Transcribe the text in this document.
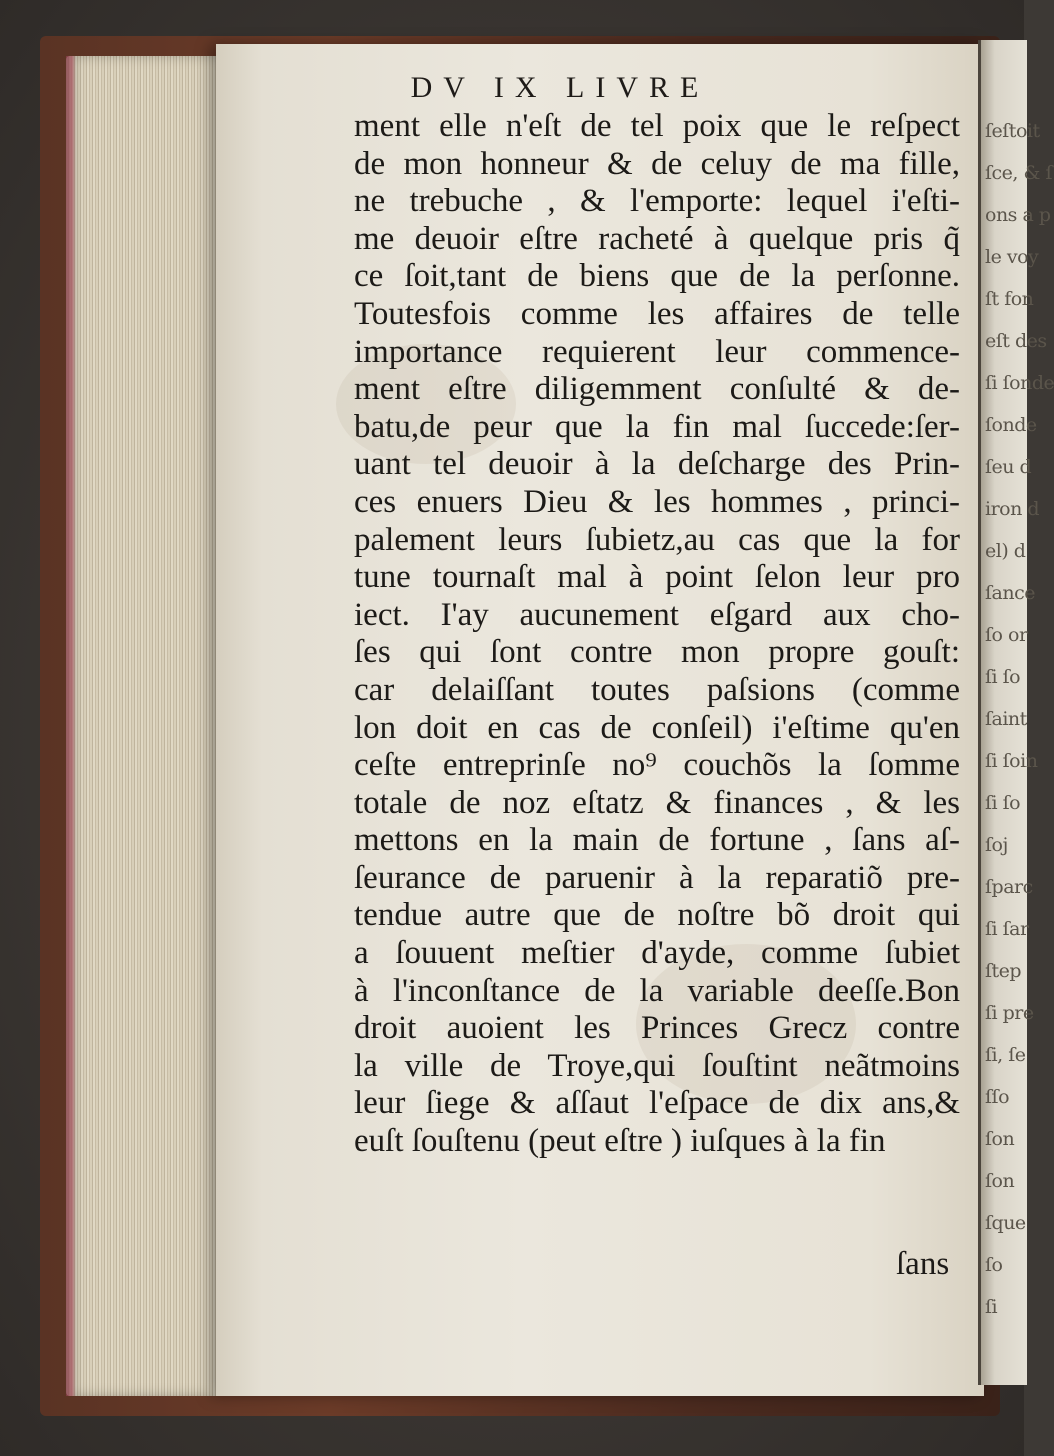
DV IX LIVRE
ment elle n'eſt de tel poix que le reſpect
de mon honneur & de celuy de ma fille,
ne trebuche , & l'emporte: lequel i'eſti-
me deuoir eſtre racheté à quelque pris q̃
ce ſoit,tant de biens que de la perſonne.
Toutesfois comme les affaires de telle
importance requierent leur commence-
ment eſtre diligemment conſulté & de-
batu,de peur que la fin mal ſuccede:ſer-
uant tel deuoir à la deſcharge des Prin-
ces enuers Dieu & les hommes , princi-
palement leurs ſubietz,au cas que la for
tune tournaſt mal à point ſelon leur pro
iect. I'ay aucunement eſgard aux cho-
ſes qui ſont contre mon propre gouſt:
car delaiſſant toutes paſsions (comme
lon doit en cas de conſeil) i'eſtime qu'en
ceſte entreprinſe no⁹ couchõs la ſomme
totale de noz eſtatz & finances , & les
mettons en la main de fortune , ſans aſ-
ſeurance de paruenir à la reparatiõ pre-
tendue autre que de noſtre bõ droit qui
a ſouuent meſtier d'ayde, comme ſubiet
à l'inconſtance de la variable deeſſe.Bon
droit auoient les Princes Grecz contre
la ville de Troye,qui ſouſtint neãtmoins
leur ſiege & aſſaut l'eſpace de dix ans,&
euſt ſouſtenu (peut eſtre ) iuſques à la fin
ſans
ſeſtoit
ſce, & ſ
ons a p
le voy
ſt fon
eſt des
ſi ſonde
ſonde
ſeu d
iron d
el) d
ſance
ſo or
ſi ſo
ſaint
ſi ſoin
ſi ſo
ſoj
ſparc
ſi ſar
ſtep
ſi pre
ſi, ſe
ſſo
ſon
ſon
ſque
ſo
ſi
